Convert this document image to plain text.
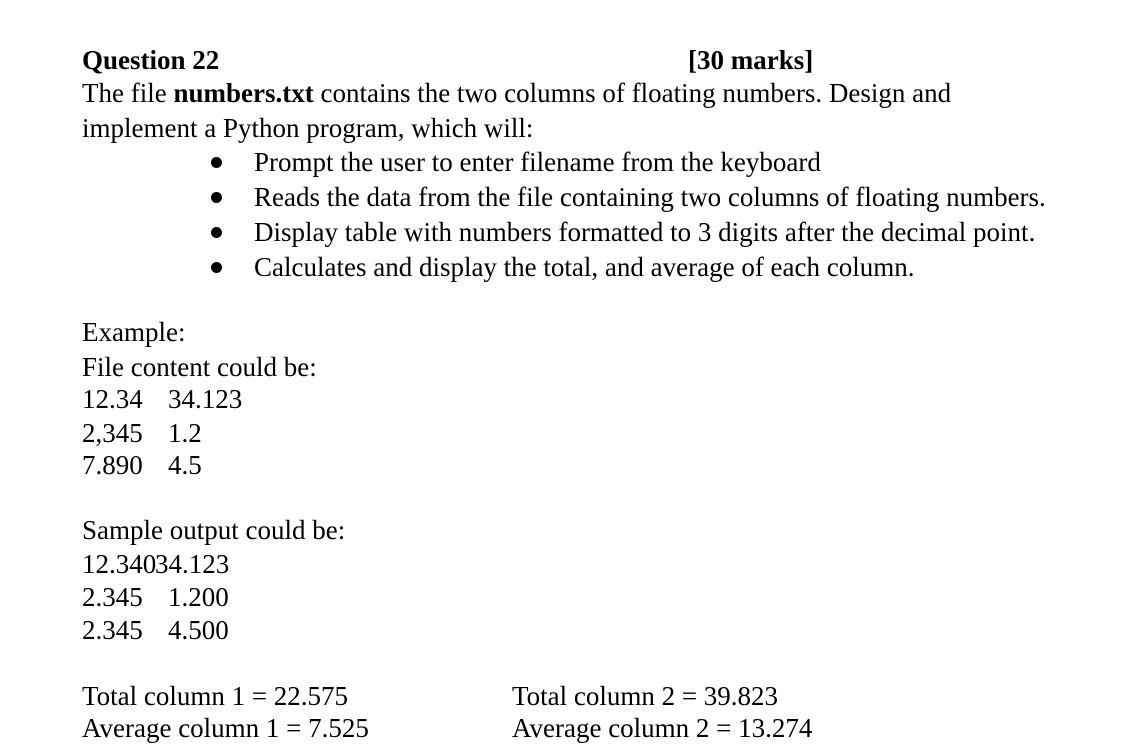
Question 22	[30 marks]
The file numbers.txt contains the two columns of floating numbers. Design and
implement a Python program, which will:
Prompt the user to enter filename from the keyboard
Reads the data from the file containing two columns of floating numbers.
Display table with numbers formatted to 3 digits after the decimal point.
Calculates and display the total, and average of each column.
Example:
File content could be:
12.34 34.123
2,345 1.2
7.890 4.5
Sample output could be:
12.340
34.123
2.345 1.200
2.345 4.500
Total column 1 = 22.575
Average column 1 = 7.525
Total column 2 = 39.823
Average column 2 = 13.274
